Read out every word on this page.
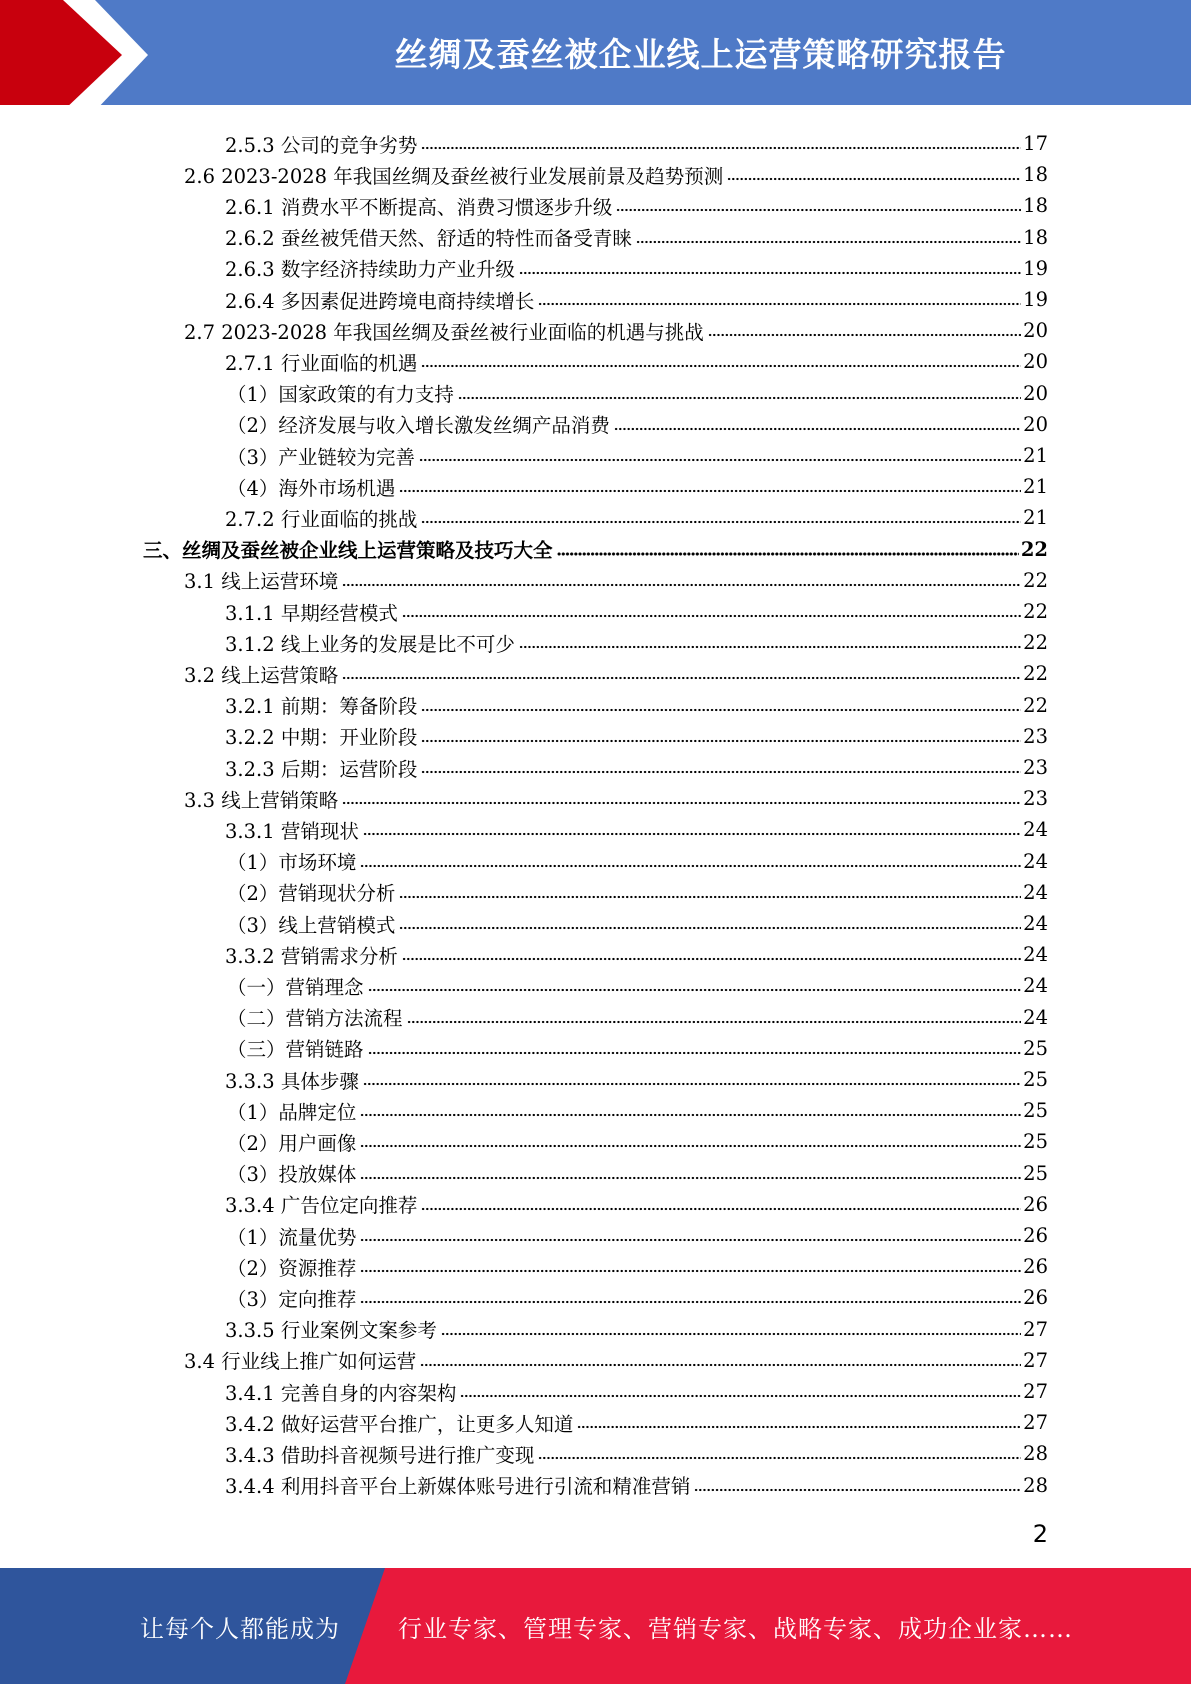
丝绸及蚕丝被企业线上运营策略研究报告
2.5.3 公司的竞争劣势	17
2.6 2023-2028 年我国丝绸及蚕丝被行业发展前景及趋势预测	18
2.6.1 消费水平不断提高、消费习惯逐步升级	18
2.6.2 蚕丝被凭借天然、舒适的特性而备受青睐	18
2.6.3 数字经济持续助力产业升级	19
2.6.4 多因素促进跨境电商持续增长	19
2.7 2023-2028 年我国丝绸及蚕丝被行业面临的机遇与挑战	20
2.7.1 行业面临的机遇	20
（1）国家政策的有力支持	20
（2）经济发展与收入增长激发丝绸产品消费	20
（3）产业链较为完善	21
（4）海外市场机遇	21
2.7.2 行业面临的挑战	21
三、丝绸及蚕丝被企业线上运营策略及技巧大全	22
3.1 线上运营环境	22
3.1.1 早期经营模式	22
3.1.2 线上业务的发展是比不可少	22
3.2 线上运营策略	22
3.2.1 前期：筹备阶段	22
3.2.2 中期：开业阶段	23
3.2.3 后期：运营阶段	23
3.3 线上营销策略	23
3.3.1 营销现状	24
（1）市场环境	24
（2）营销现状分析	24
（3）线上营销模式	24
3.3.2 营销需求分析	24
（一）营销理念	24
（二）营销方法流程	24
（三）营销链路	25
3.3.3 具体步骤	25
（1）品牌定位	25
（2）用户画像	25
（3）投放媒体	25
3.3.4 广告位定向推荐	26
（1）流量优势	26
（2）资源推荐	26
（3）定向推荐	26
3.3.5 行业案例文案参考	27
3.4 行业线上推广如何运营	27
3.4.1 完善自身的内容架构	27
3.4.2 做好运营平台推广，让更多人知道	27
3.4.3 借助抖音视频号进行推广变现	28
3.4.4 利用抖音平台上新媒体账号进行引流和精准营销	28
2
让每个人都能成为 行业专家、管理专家、营销专家、战略专家、成功企业家……
